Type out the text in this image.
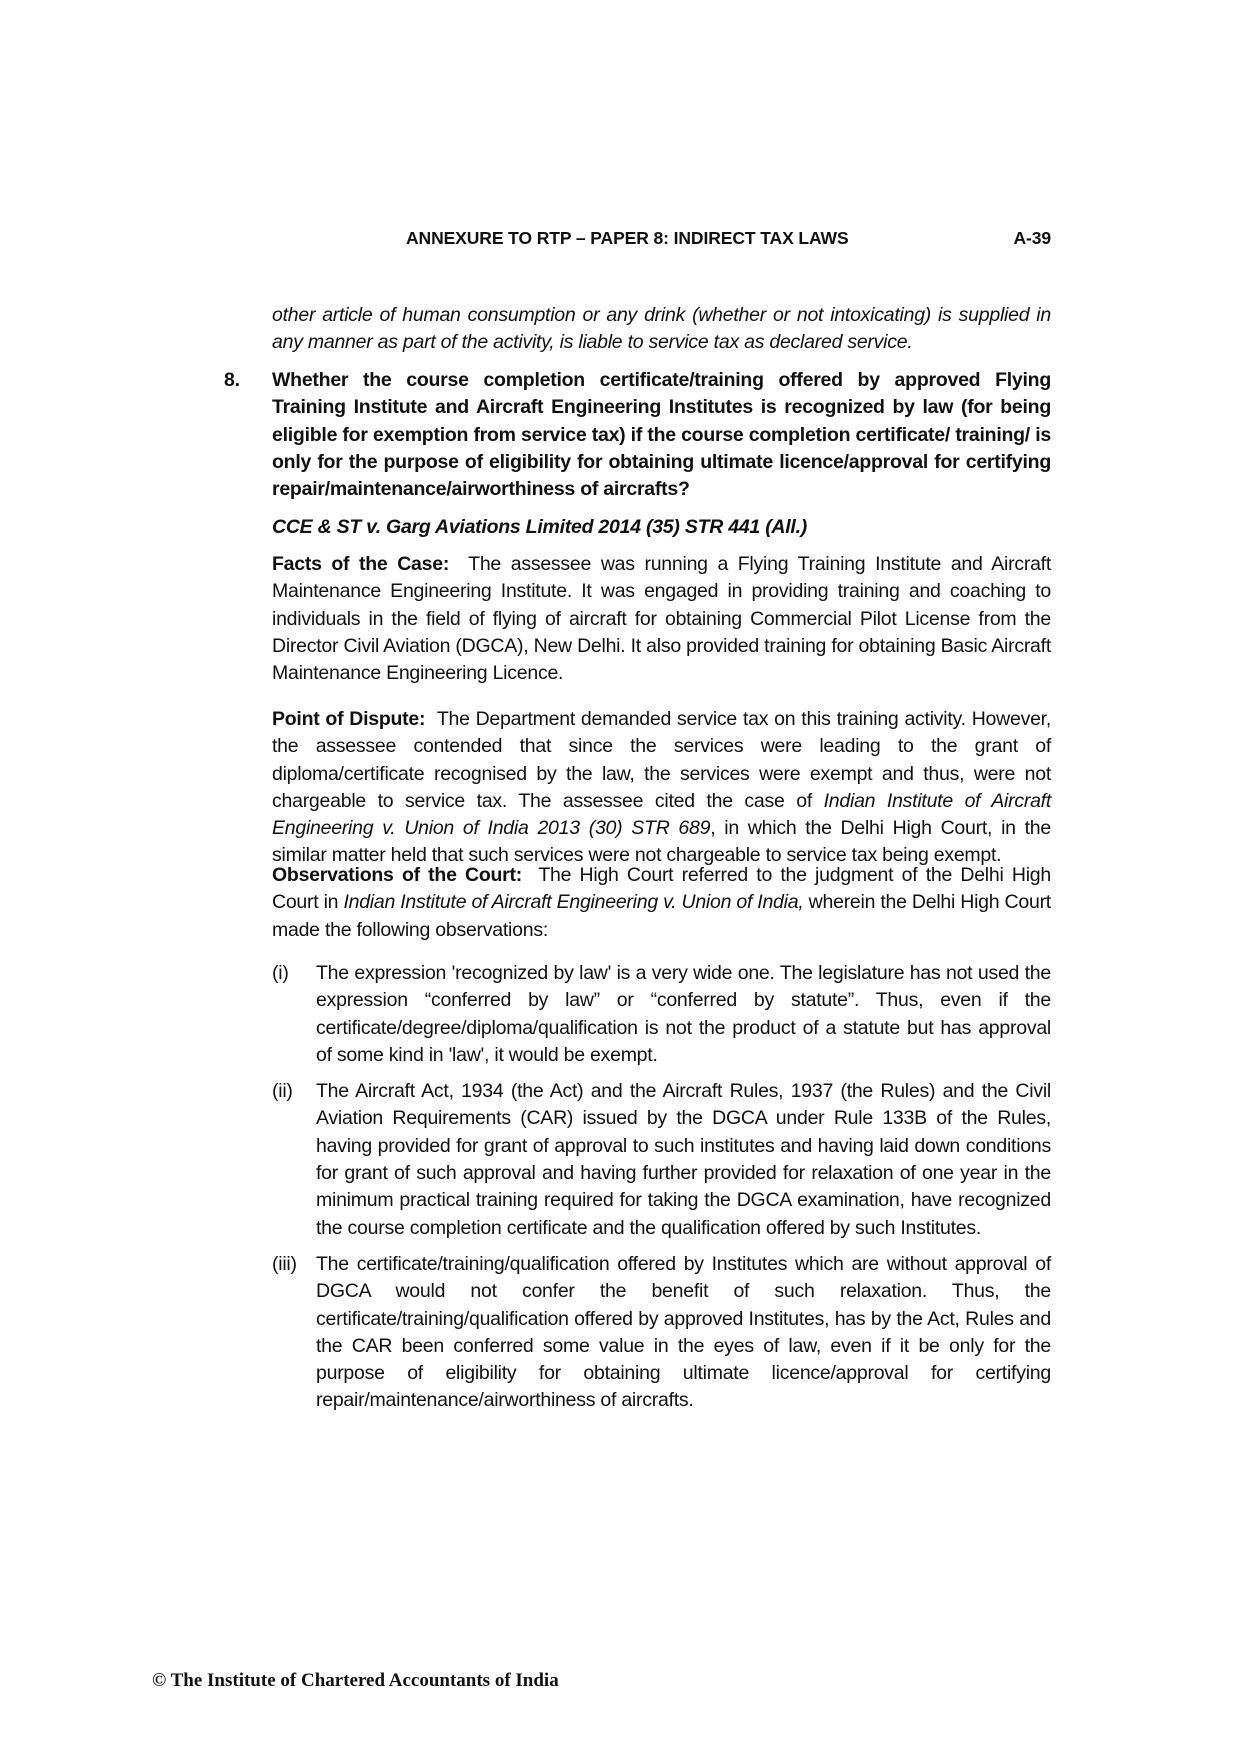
ANNEXURE TO RTP – PAPER 8: INDIRECT TAX LAWS	A-39
other article of human consumption or any drink (whether or not intoxicating) is supplied in any manner as part of the activity, is liable to service tax as declared service.
8. Whether the course completion certificate/training offered by approved Flying Training Institute and Aircraft Engineering Institutes is recognized by law (for being eligible for exemption from service tax) if the course completion certificate/ training/ is only for the purpose of eligibility for obtaining ultimate licence/approval for certifying repair/maintenance/airworthiness of aircrafts?
CCE & ST v. Garg Aviations Limited 2014 (35) STR 441 (All.)
Facts of the Case: The assessee was running a Flying Training Institute and Aircraft Maintenance Engineering Institute. It was engaged in providing training and coaching to individuals in the field of flying of aircraft for obtaining Commercial Pilot License from the Director Civil Aviation (DGCA), New Delhi. It also provided training for obtaining Basic Aircraft Maintenance Engineering Licence.
Point of Dispute: The Department demanded service tax on this training activity. However, the assessee contended that since the services were leading to the grant of diploma/certificate recognised by the law, the services were exempt and thus, were not chargeable to service tax. The assessee cited the case of Indian Institute of Aircraft Engineering v. Union of India 2013 (30) STR 689, in which the Delhi High Court, in the similar matter held that such services were not chargeable to service tax being exempt.
Observations of the Court: The High Court referred to the judgment of the Delhi High Court in Indian Institute of Aircraft Engineering v. Union of India, wherein the Delhi High Court made the following observations:
(i) The expression 'recognized by law' is a very wide one. The legislature has not used the expression “conferred by law” or “conferred by statute”. Thus, even if the certificate/degree/diploma/qualification is not the product of a statute but has approval of some kind in 'law', it would be exempt.
(ii) The Aircraft Act, 1934 (the Act) and the Aircraft Rules, 1937 (the Rules) and the Civil Aviation Requirements (CAR) issued by the DGCA under Rule 133B of the Rules, having provided for grant of approval to such institutes and having laid down conditions for grant of such approval and having further provided for relaxation of one year in the minimum practical training required for taking the DGCA examination, have recognized the course completion certificate and the qualification offered by such Institutes.
(iii) The certificate/training/qualification offered by Institutes which are without approval of DGCA would not confer the benefit of such relaxation. Thus, the certificate/training/qualification offered by approved Institutes, has by the Act, Rules and the CAR been conferred some value in the eyes of law, even if it be only for the purpose of eligibility for obtaining ultimate licence/approval for certifying repair/maintenance/airworthiness of aircrafts.
© The Institute of Chartered Accountants of India
